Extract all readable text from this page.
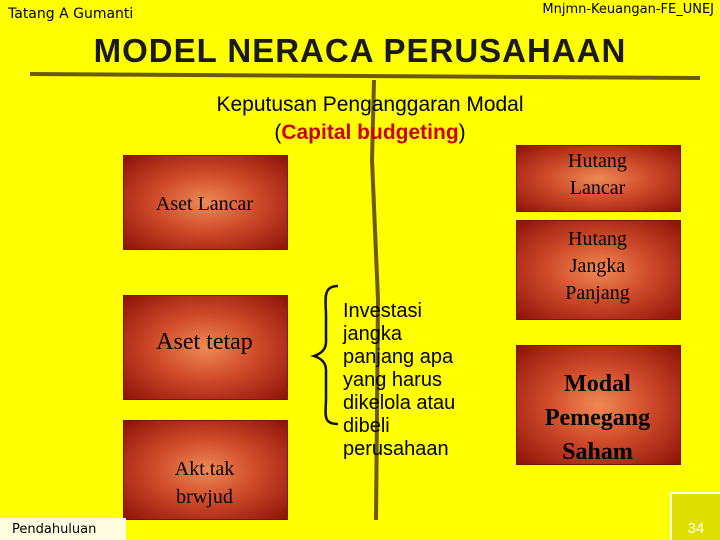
Tatang A Gumanti	Mnjmn-Keuangan-FE_UNEJ
MODEL NERACA PERUSAHAAN
Keputusan Penganggaran Modal
(Capital budgeting)
Aset Lancar
Aset tetap
Akt.tak
brwjud
Investasi
jangka
panjang apa
yang harus
dikelola atau
dibeli
perusahaan
Hutang
Lancar
Hutang
Jangka
Panjang
Modal
Pemegang
Saham
Pendahuluan	34
